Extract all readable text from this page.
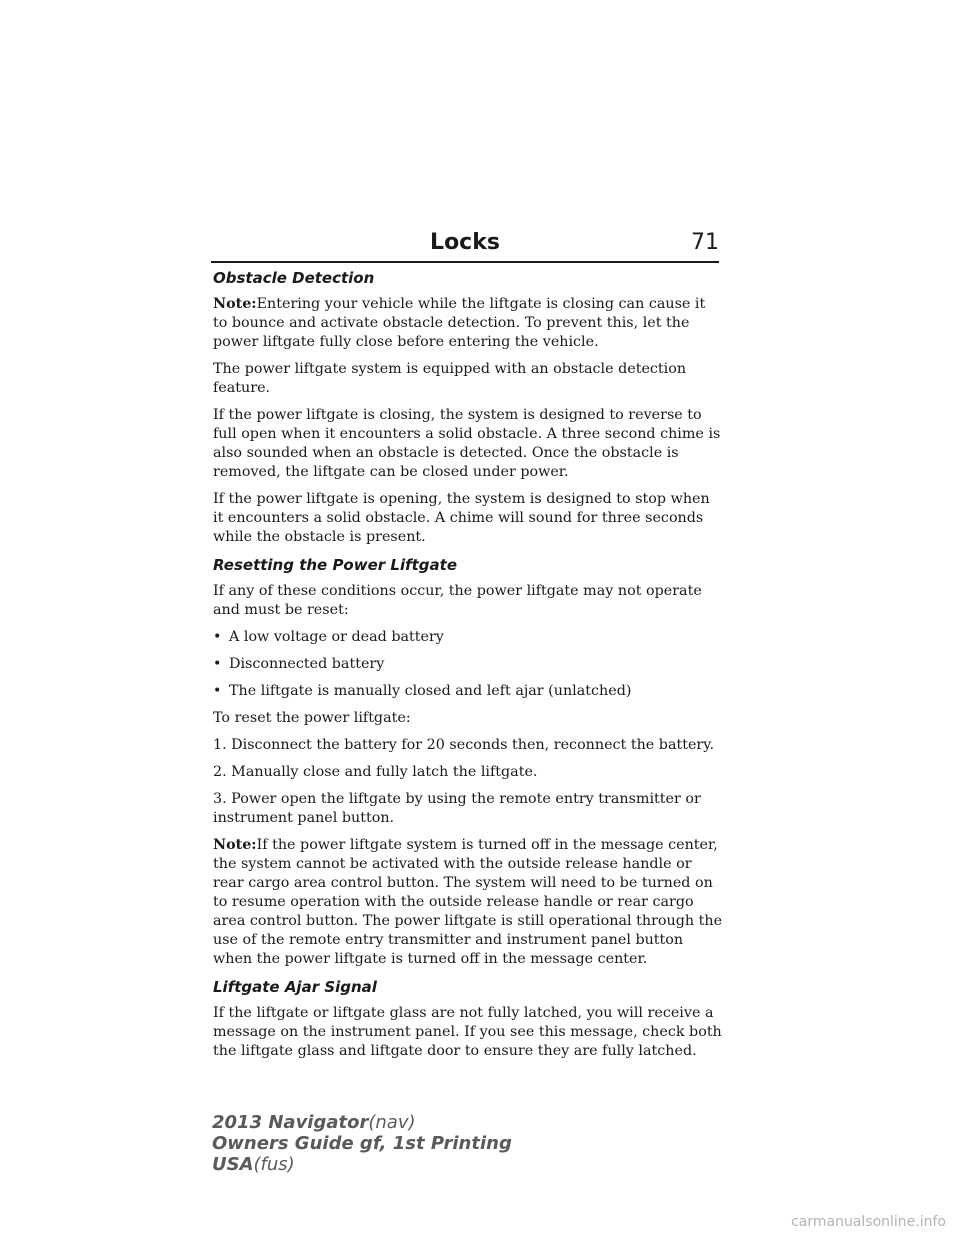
Locks	71
Obstacle Detection

Note:Entering your vehicle while the liftgate is closing can cause it to bounce and activate obstacle detection. To prevent this, let the power liftgate fully close before entering the vehicle.

The power liftgate system is equipped with an obstacle detection feature.

If the power liftgate is closing, the system is designed to reverse to full open when it encounters a solid obstacle. A three second chime is also sounded when an obstacle is detected. Once the obstacle is removed, the liftgate can be closed under power.

If the power liftgate is opening, the system is designed to stop when it encounters a solid obstacle. A chime will sound for three seconds while the obstacle is present.

Resetting the Power Liftgate

If any of these conditions occur, the power liftgate may not operate and must be reset:

• A low voltage or dead battery
• Disconnected battery
• The liftgate is manually closed and left ajar (unlatched)

To reset the power liftgate:

1. Disconnect the battery for 20 seconds then, reconnect the battery.

2. Manually close and fully latch the liftgate.

3. Power open the liftgate by using the remote entry transmitter or instrument panel button.

Note:If the power liftgate system is turned off in the message center, the system cannot be activated with the outside release handle or rear cargo area control button. The system will need to be turned on to resume operation with the outside release handle or rear cargo area control button. The power liftgate is still operational through the use of the remote entry transmitter and instrument panel button when the power liftgate is turned off in the message center.

Liftgate Ajar Signal

If the liftgate or liftgate glass are not fully latched, you will receive a message on the instrument panel. If you see this message, check both the liftgate glass and liftgate door to ensure they are fully latched.

2013 Navigator(nav)
Owners Guide gf, 1st Printing
USA(fus)
carmanualsonline.info
